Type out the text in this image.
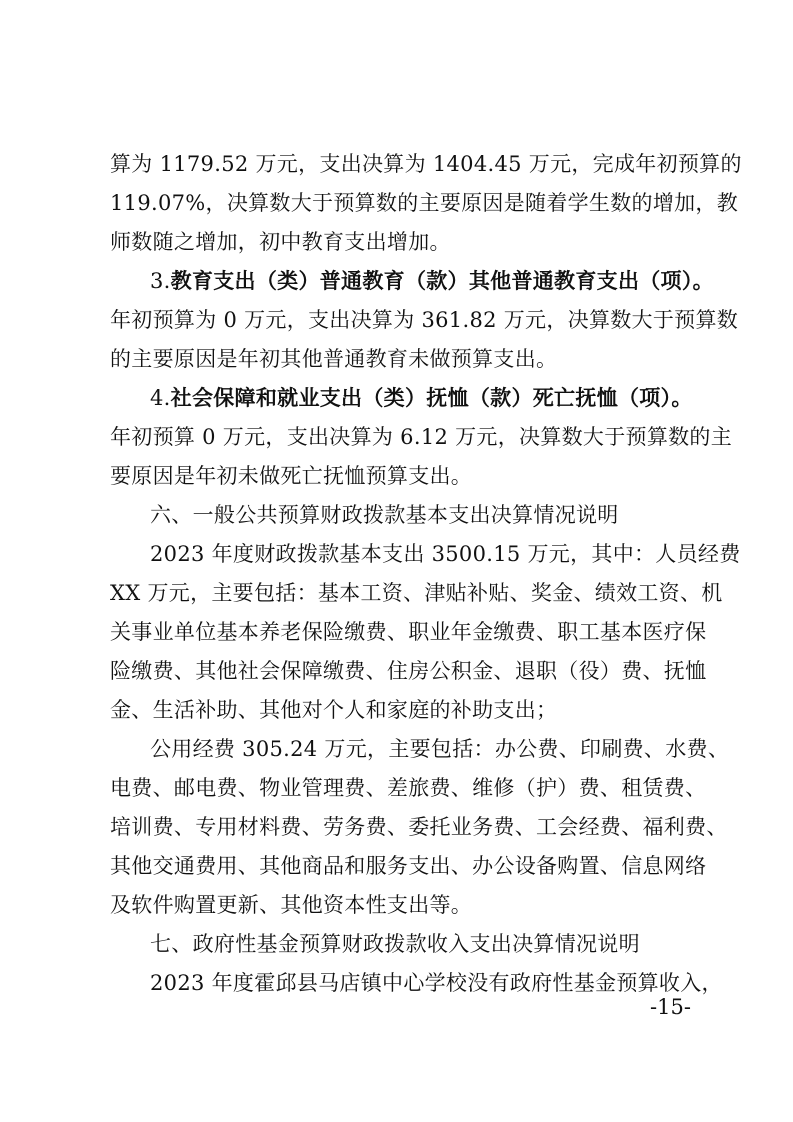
算为 1179.52 万元，支出决算为 1404.45 万元，完成年初预算的
119.07%，决算数大于预算数的主要原因是随着学生数的增加，教
师数随之增加，初中教育支出增加。
3.教育支出（类）普通教育（款）其他普通教育支出（项）。
年初预算为 0 万元，支出决算为 361.82 万元，决算数大于预算数
的主要原因是年初其他普通教育未做预算支出。
4.社会保障和就业支出（类）抚恤（款）死亡抚恤（项）。
年初预算 0 万元，支出决算为 6.12 万元，决算数大于预算数的主
要原因是年初未做死亡抚恤预算支出。
六、一般公共预算财政拨款基本支出决算情况说明
2023 年度财政拨款基本支出 3500.15 万元，其中：人员经费
XX 万元，主要包括：基本工资、津贴补贴、奖金、绩效工资、机
关事业单位基本养老保险缴费、职业年金缴费、职工基本医疗保
险缴费、其他社会保障缴费、住房公积金、退职（役）费、抚恤
金、生活补助、其他对个人和家庭的补助支出；
公用经费 305.24 万元，主要包括：办公费、印刷费、水费、
电费、邮电费、物业管理费、差旅费、维修（护）费、租赁费、
培训费、专用材料费、劳务费、委托业务费、工会经费、福利费、
其他交通费用、其他商品和服务支出、办公设备购置、信息网络
及软件购置更新、其他资本性支出等。
七、政府性基金预算财政拨款收入支出决算情况说明
2023 年度霍邱县马店镇中心学校没有政府性基金预算收入，
-15-
